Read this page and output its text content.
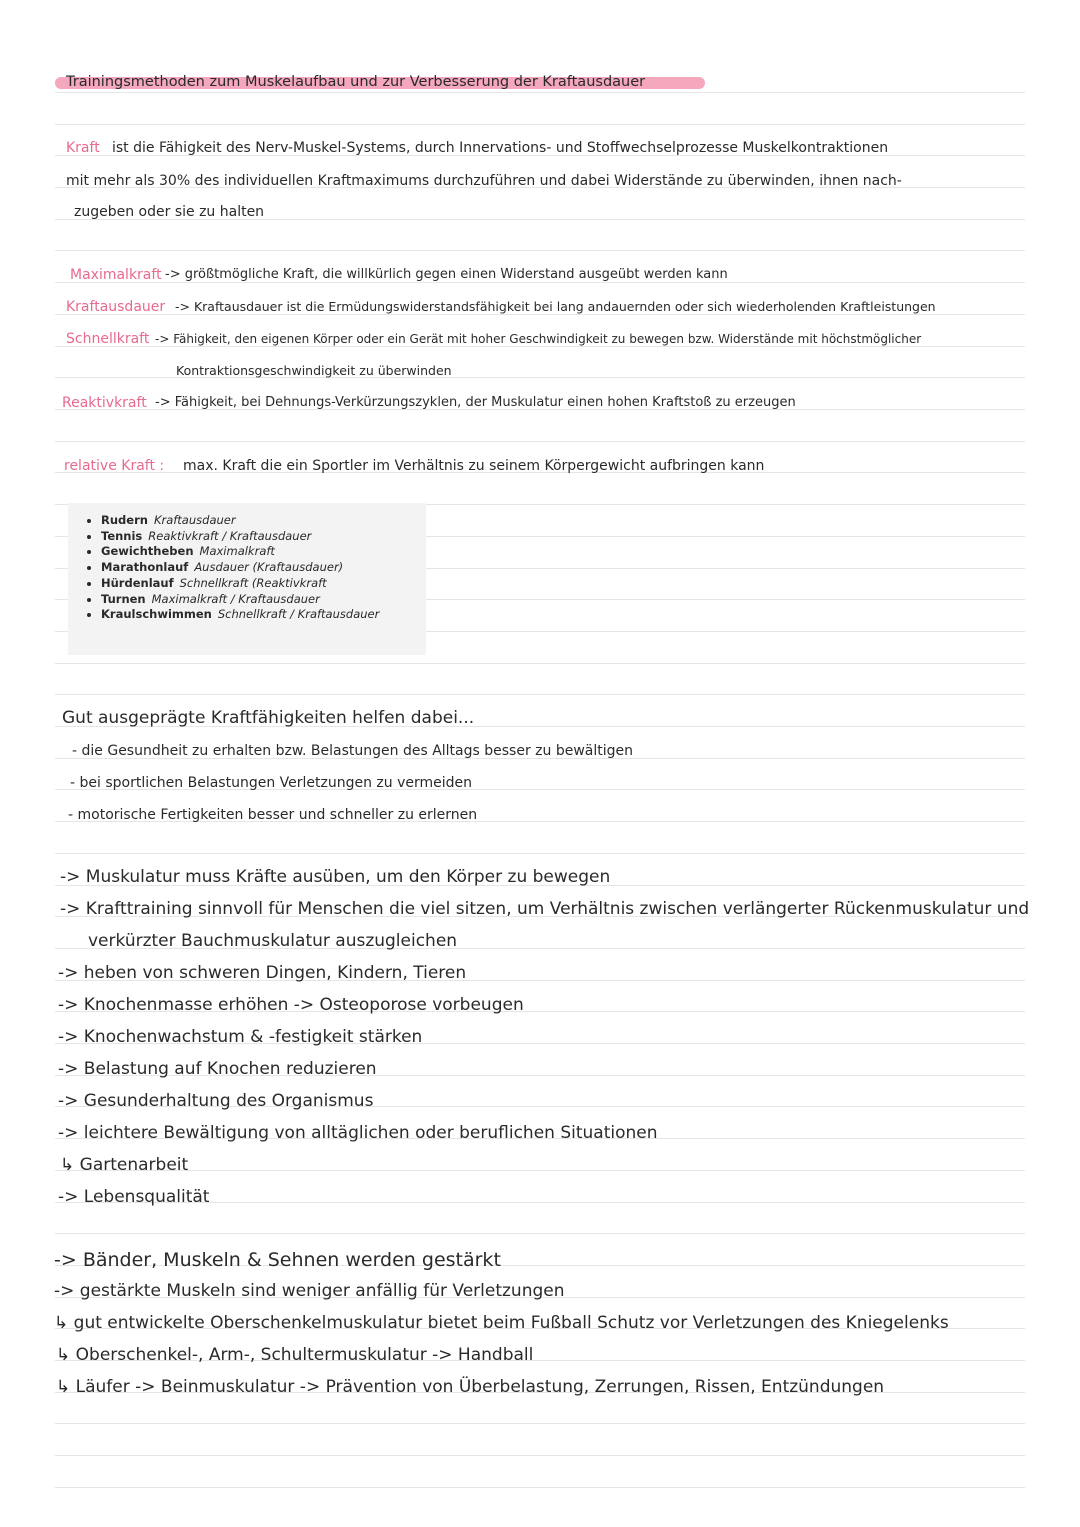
Trainingsmethoden zum Muskelaufbau und zur Verbesserung der Kraftausdauer
Kraft ist die Fähigkeit des Nerv-Muskel-Systems, durch Innervations- und Stoffwechselprozesse Muskelkontraktionen
mit mehr als 30% des individuellen Kraftmaximums durchzuführen und dabei Widerstände zu überwinden, ihnen nach-
zugeben oder sie zu halten
Maximalkraft -> größtmögliche Kraft, die willkürlich gegen einen Widerstand ausgeübt werden kann
Kraftausdauer -> Kraftausdauer ist die Ermüdungswiderstandsfähigkeit bei lang andauernden oder sich wiederholenden Kraftleistungen
Schnellkraft -> Fähigkeit, den eigenen Körper oder ein Gerät mit hoher Geschwindigkeit zu bewegen bzw. Widerstände mit höchstmöglicher
Kontraktionsgeschwindigkeit zu überwinden
Reaktivkraft -> Fähigkeit, bei Dehnungs-Verkürzungszyklen, der Muskulatur einen hohen Kraftstoß zu erzeugen
relative Kraft : max. Kraft die ein Sportler im Verhältnis zu seinem Körpergewicht aufbringen kann
• Rudern Kraftausdauer
• Tennis Reaktivkraft / Kraftausdauer
• Gewichtheben Maximalkraft
• Marathonlauf Ausdauer (Kraftausdauer)
• Hürdenlauf Schnellkraft (Reaktivkraft
• Turnen Maximalkraft / Kraftausdauer
• Kraulschwimmen Schnellkraft / Kraftausdauer
Gut ausgeprägte Kraftfähigkeiten helfen dabei...
- die Gesundheit zu erhalten bzw. Belastungen des Alltags besser zu bewältigen
- bei sportlichen Belastungen Verletzungen zu vermeiden
- motorische Fertigkeiten besser und schneller zu erlernen
-> Muskulatur muss Kräfte ausüben, um den Körper zu bewegen
-> Krafttraining sinnvoll für Menschen die viel sitzen, um Verhältnis zwischen verlängerter Rückenmuskulatur und
verkürzter Bauchmuskulatur auszugleichen
-> heben von schweren Dingen, Kindern, Tieren
-> Knochenmasse erhöhen -> Osteoporose vorbeugen
-> Knochenwachstum & -festigkeit stärken
-> Belastung auf Knochen reduzieren
-> Gesunderhaltung des Organismus
-> leichtere Bewältigung von alltäglichen oder beruflichen Situationen
↳ Gartenarbeit
-> Lebensqualität
-> Bänder, Muskeln & Sehnen werden gestärkt
-> gestärkte Muskeln sind weniger anfällig für Verletzungen
↳ gut entwickelte Oberschenkelmuskulatur bietet beim Fußball Schutz vor Verletzungen des Kniegelenks
↳ Oberschenkel-, Arm-, Schultermuskulatur -> Handball
↳ Läufer -> Beinmuskulatur -> Prävention von Überbelastung, Zerrungen, Rissen, Entzündungen
